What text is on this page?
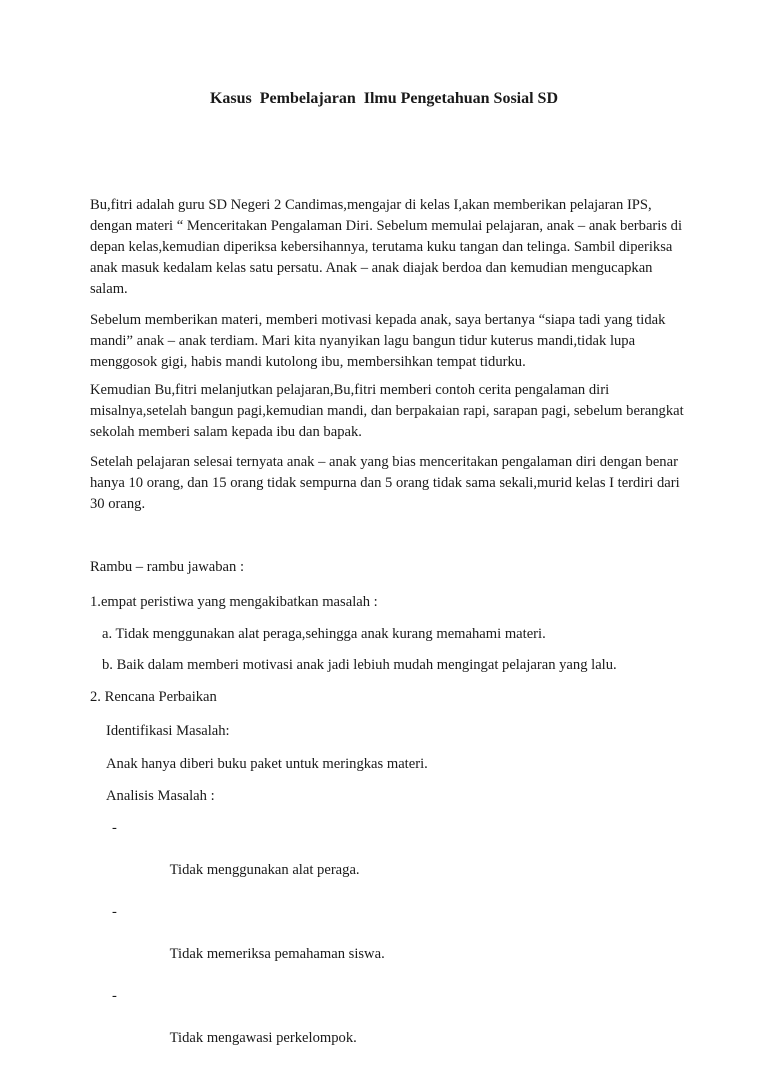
Kasus  Pembelajaran  Ilmu Pengetahuan Sosial SD

Bu,fitri adalah guru SD Negeri 2 Candimas,mengajar di kelas I,akan memberikan pelajaran IPS, dengan materi “ Menceritakan Pengalaman Diri. Sebelum memulai pelajaran, anak – anak berbaris di depan kelas,kemudian diperiksa kebersihannya, terutama kuku tangan dan telinga. Sambil diperiksa anak masuk kedalam kelas satu persatu. Anak – anak diajak berdoa dan kemudian mengucapkan salam.

Sebelum memberikan materi, memberi motivasi kepada anak, saya bertanya “siapa tadi yang tidak mandi” anak – anak terdiam. Mari kita nyanyikan lagu bangun tidur kuterus mandi,tidak lupa menggosok gigi, habis mandi kutolong ibu, membersihkan tempat tidurku.

Kemudian Bu,fitri melanjutkan pelajaran,Bu,fitri memberi contoh cerita pengalaman diri misalnya,setelah bangun pagi,kemudian mandi, dan berpakaian rapi, sarapan pagi, sebelum berangkat sekolah memberi salam kepada ibu dan bapak.

Setelah pelajaran selesai ternyata anak – anak yang bias menceritakan pengalaman diri dengan benar hanya 10 orang, dan 15 orang tidak sempurna dan 5 orang tidak sama sekali,murid kelas I terdiri dari 30 orang.

Rambu – rambu jawaban :
1.empat peristiwa yang mengakibatkan masalah :
a. Tidak menggunakan alat peraga,sehingga anak kurang memahami materi.
b. Baik dalam memberi motivasi anak jadi lebiuh mudah mengingat pelajaran yang lalu.
2. Rencana Perbaikan
Identifikasi Masalah:
Anak hanya diberi buku paket untuk meringkas materi.
Analisis Masalah :

-

Tidak menggunakan alat peraga.

-

Tidak memeriksa pemahaman siswa.

-

Tidak mengawasi perkelompok.
